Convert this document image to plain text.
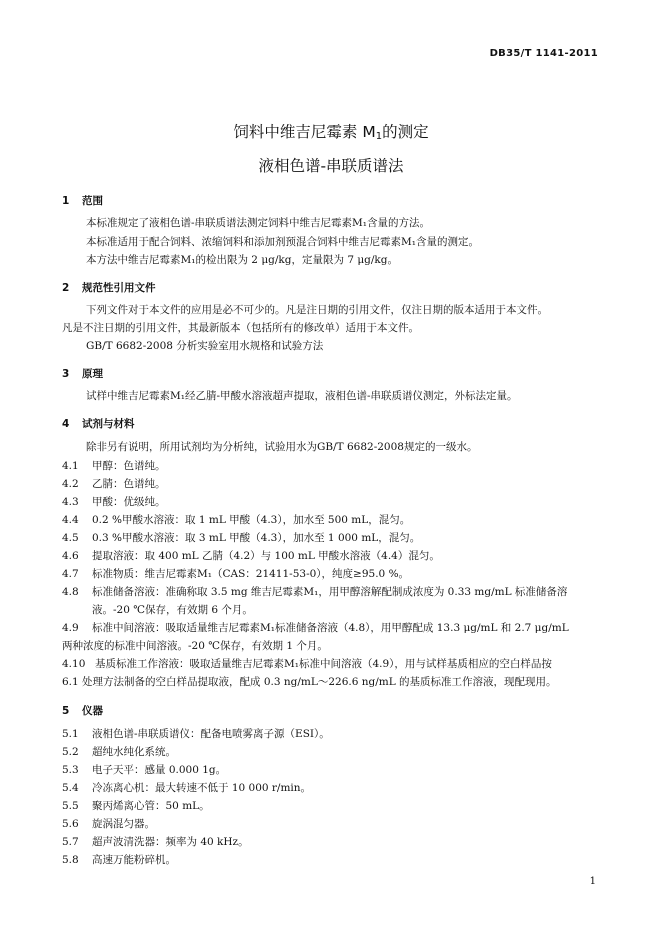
DB35/T 1141-2011
饲料中维吉尼霉素 $M_1$的测定
液相色谱-串联质谱法
1 范围
本标准规定了液相色谱-串联质谱法测定饲料中维吉尼霉素M₁含量的方法。
本标准适用于配合饲料、浓缩饲料和添加剂预混合饲料中维吉尼霉素M₁含量的测定。
本方法中维吉尼霉素M₁的检出限为 2 μg/kg，定量限为 7 μg/kg。
2 规范性引用文件
下列文件对于本文件的应用是必不可少的。凡是注日期的引用文件，仅注日期的版本适用于本文件。
凡是不注日期的引用文件，其最新版本（包括所有的修改单）适用于本文件。
GB/T 6682-2008 分析实验室用水规格和试验方法
3 原理
试样中维吉尼霉素M₁经乙腈-甲酸水溶液超声提取，液相色谱-串联质谱仪测定，外标法定量。
4 试剂与材料
除非另有说明，所用试剂均为分析纯，试验用水为GB/T 6682-2008规定的一级水。
4.1 甲醇：色谱纯。
4.2 乙腈：色谱纯。
4.3 甲酸：优级纯。
4.4 0.2 %甲酸水溶液：取 1 mL 甲酸（4.3），加水至 500 mL，混匀。
4.5 0.3 %甲酸水溶液：取 3 mL 甲酸（4.3），加水至 1 000 mL，混匀。
4.6 提取溶液：取 400 mL 乙腈（4.2）与 100 mL 甲酸水溶液（4.4）混匀。
4.7 标准物质：维吉尼霉素M₁（CAS：21411-53-0），纯度≥95.0 %。
4.8 标准储备溶液：准确称取 3.5 mg 维吉尼霉素M₁，用甲醇溶解配制成浓度为 0.33 mg/mL 标准储备溶
液。-20 ℃保存，有效期 6 个月。
4.9 标准中间溶液：吸取适量维吉尼霉素M₁标准储备溶液（4.8），用甲醇配成 13.3 μg/mL 和 2.7 μg/mL
两种浓度的标准中间溶液。-20 ℃保存，有效期 1 个月。
4.10 基质标准工作溶液：吸取适量维吉尼霉素M₁标准中间溶液（4.9），用与试样基质相应的空白样品按
6.1 处理方法制备的空白样品提取液，配成 0.3 ng/mL～226.6 ng/mL 的基质标准工作溶液，现配现用。
5 仪器
5.1 液相色谱-串联质谱仪：配备电喷雾离子源（ESI）。
5.2 超纯水纯化系统。
5.3 电子天平：感量 0.000 1g。
5.4 冷冻离心机：最大转速不低于 10 000 r/min。
5.5 聚丙烯离心管：50 mL。
5.6 旋涡混匀器。
5.7 超声波清洗器：频率为 40 kHz。
5.8 高速万能粉碎机。
1
